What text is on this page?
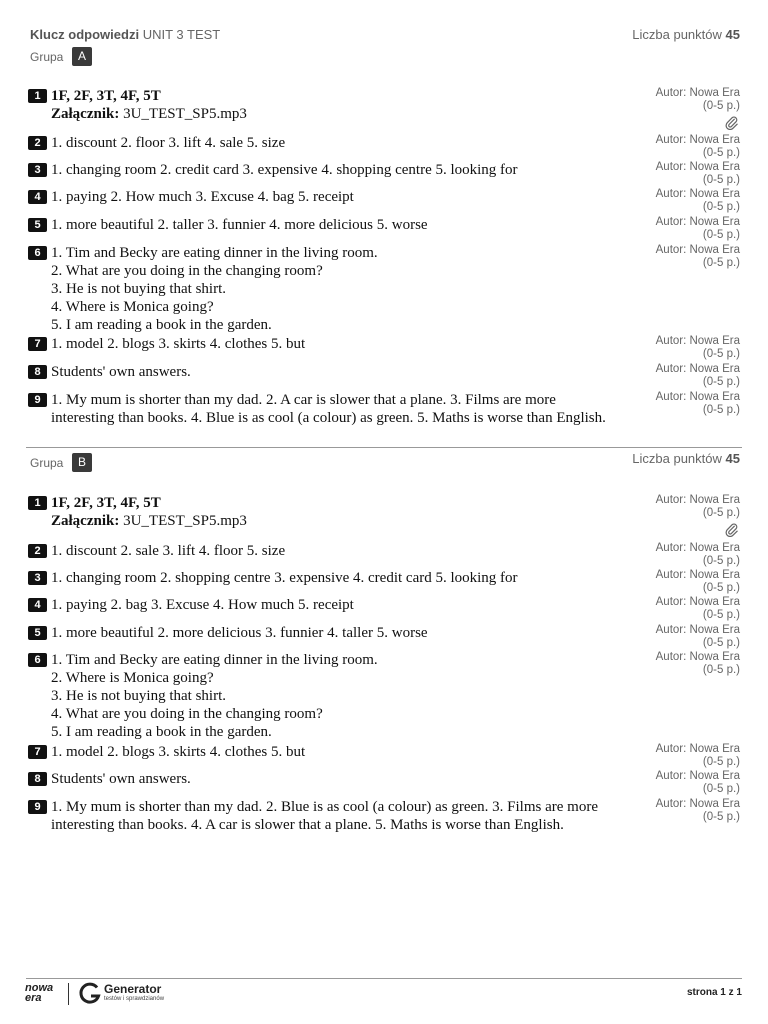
Klucz odpowiedzi UNIT 3 TEST	Liczba punktów 45
Grupa	A
1 1F, 2F, 3T, 4F, 5T
Załącznik: 3U_TEST_SP5.mp3
Autor: Nowa Era
(0-5 p.)
2 1. discount 2. floor 3. lift 4. sale 5. size	Autor: Nowa Era
(0-5 p.)
3 1. changing room 2. credit card 3. expensive 4. shopping centre 5. looking for	Autor: Nowa Era
(0-5 p.)
4 1. paying 2. How much 3. Excuse 4. bag 5. receipt	Autor: Nowa Era
(0-5 p.)
5 1. more beautiful 2. taller 3. funnier 4. more delicious 5. worse	Autor: Nowa Era
(0-5 p.)
6 1. Tim and Becky are eating dinner in the living room.
2. What are you doing in the changing room?
3. He is not buying that shirt.
4. Where is Monica going?
5. I am reading a book in the garden.
Autor: Nowa Era
(0-5 p.)
7 1. model 2. blogs 3. skirts 4. clothes 5. but	Autor: Nowa Era
(0-5 p.)
8 Students' own answers.	Autor: Nowa Era
(0-5 p.)
9 1. My mum is shorter than my dad. 2. A car is slower that a plane. 3. Films are more interesting than books. 4. Blue is as cool (a colour) as green. 5. Maths is worse than English.
Autor: Nowa Era
(0-5 p.)
Grupa	B	Liczba punktów 45
1 1F, 2F, 3T, 4F, 5T
Załącznik: 3U_TEST_SP5.mp3
Autor: Nowa Era
(0-5 p.)
2 1. discount 2. sale 3. lift 4. floor 5. size	Autor: Nowa Era
(0-5 p.)
3 1. changing room 2. shopping centre 3. expensive 4. credit card 5. looking for	Autor: Nowa Era
(0-5 p.)
4 1. paying 2. bag 3. Excuse 4. How much 5. receipt	Autor: Nowa Era
(0-5 p.)
5 1. more beautiful 2. more delicious 3. funnier 4. taller 5. worse	Autor: Nowa Era
(0-5 p.)
6 1. Tim and Becky are eating dinner in the living room.
2. Where is Monica going?
3. He is not buying that shirt.
4. What are you doing in the changing room?
5. I am reading a book in the garden.
Autor: Nowa Era
(0-5 p.)
7 1. model 2. blogs 3. skirts 4. clothes 5. but	Autor: Nowa Era
(0-5 p.)
8 Students' own answers.	Autor: Nowa Era
(0-5 p.)
9 1. My mum is shorter than my dad. 2. Blue is as cool (a colour) as green. 3. Films are more interesting than books. 4. A car is slower that a plane. 5. Maths is worse than English.
Autor: Nowa Era
(0-5 p.)
nowa
era
Generator
testów i sprawdzianów
strona 1 z 1
